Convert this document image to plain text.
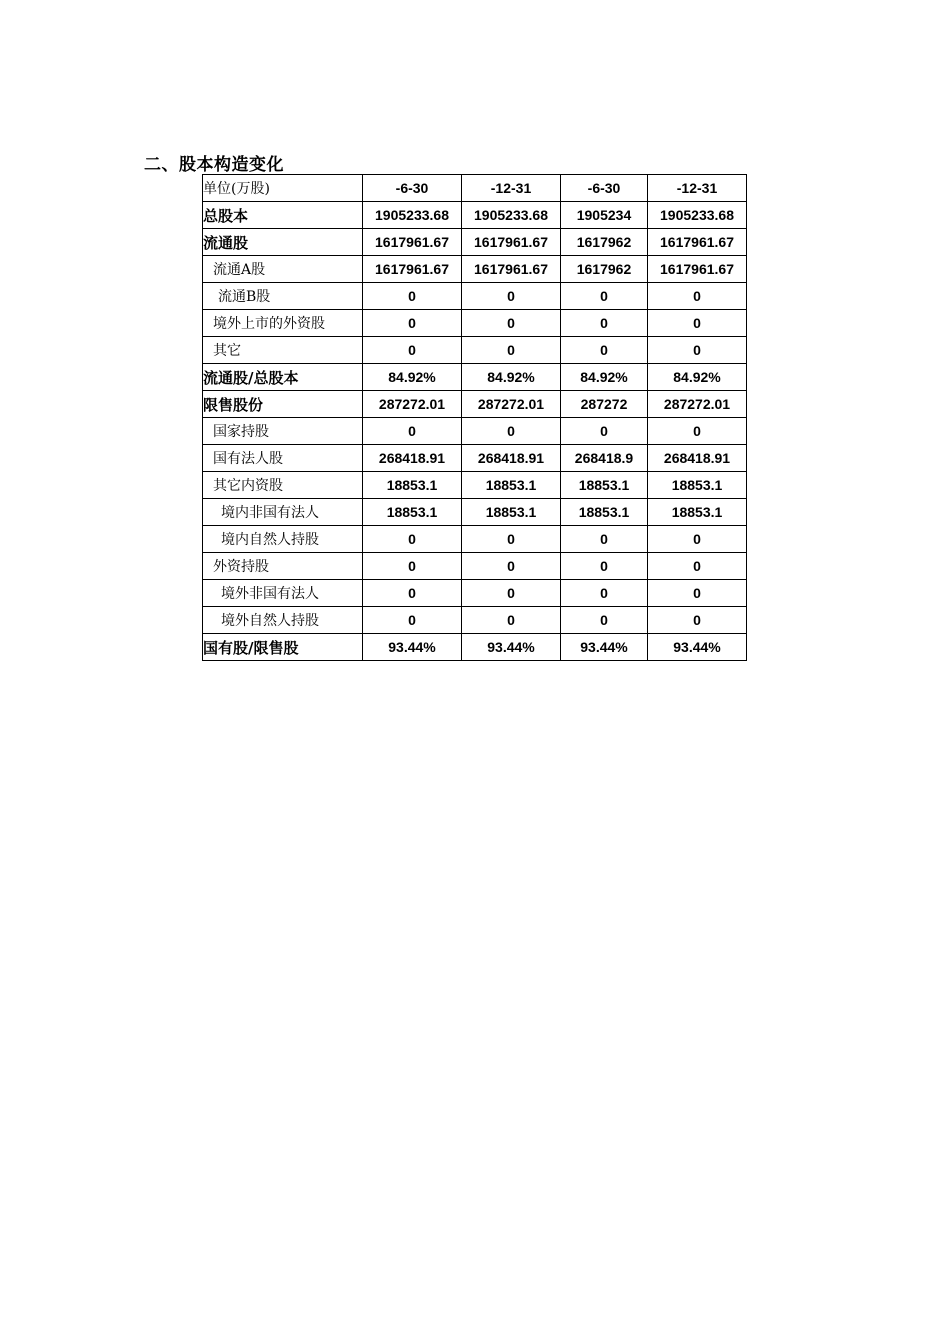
二、股本构造变化
单位(万股)	-6-30	-12-31	-6-30	-12-31
总股本	1905233.68	1905233.68	1905234	1905233.68
流通股	1617961.67	1617961.67	1617962	1617961.67
流通A股	1617961.67	1617961.67	1617962	1617961.67
流通B股	0	0	0	0
境外上市的外资股	0	0	0	0
其它	0	0	0	0
流通股/总股本	84.92%	84.92%	84.92%	84.92%
限售股份	287272.01	287272.01	287272	287272.01
国家持股	0	0	0	0
国有法人股	268418.91	268418.91	268418.9	268418.91
其它内资股	18853.1	18853.1	18853.1	18853.1
境内非国有法人	18853.1	18853.1	18853.1	18853.1
境内自然人持股	0	0	0	0
外资持股	0	0	0	0
境外非国有法人	0	0	0	0
境外自然人持股	0	0	0	0
国有股/限售股	93.44%	93.44%	93.44%	93.44%
